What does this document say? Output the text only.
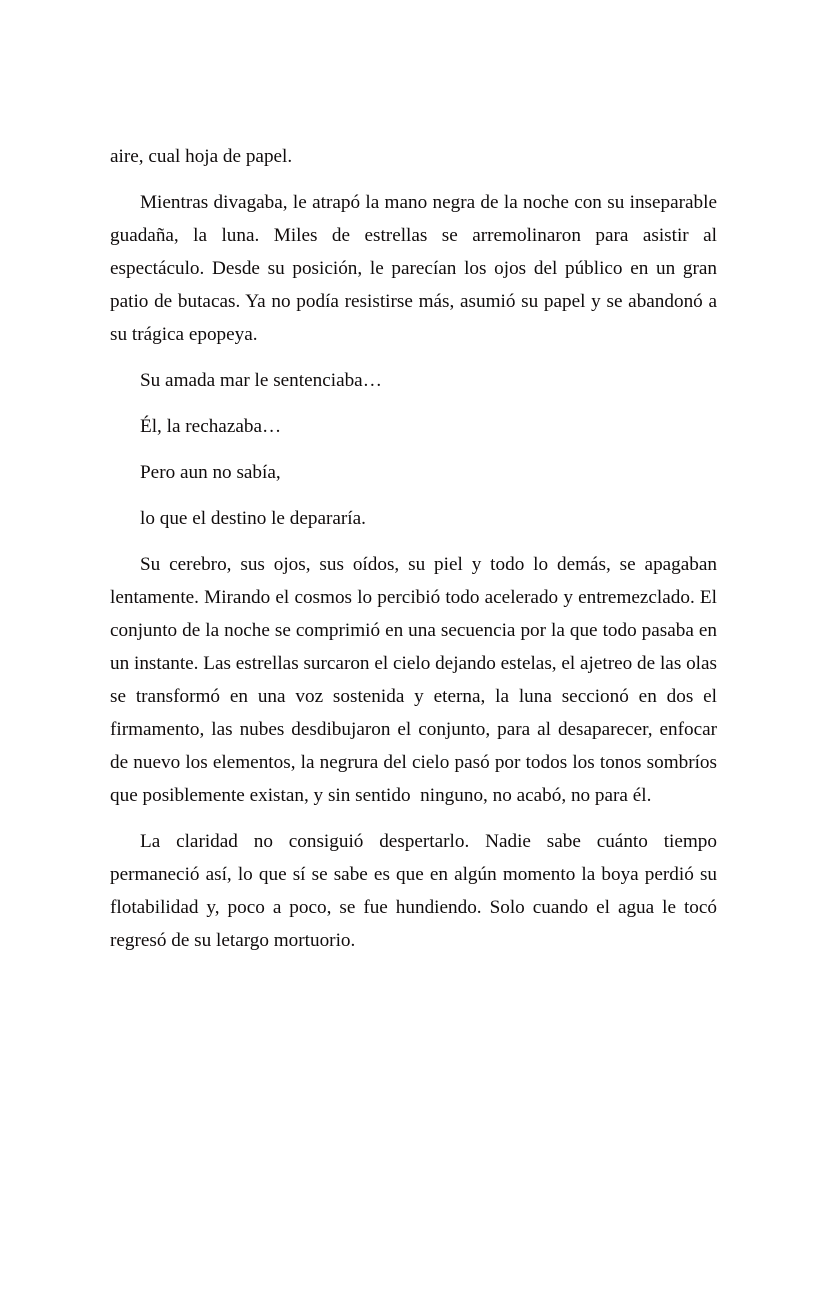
aire, cual hoja de papel.

Mientras divagaba, le atrapó la mano negra de la noche con su inseparable guadaña, la luna. Miles de estrellas se arremolinaron para asistir al espectáculo. Desde su posición, le parecían los ojos del público en un gran patio de butacas. Ya no podía resistirse más, asumió su papel y se abandonó a su trágica epopeya.

Su amada mar le sentenciaba…

Él, la rechazaba…

Pero aun no sabía,

lo que el destino le depararía.

Su cerebro, sus ojos, sus oídos, su piel y todo lo demás, se apagaban lentamente. Mirando el cosmos lo percibió todo acelerado y entremezclado. El conjunto de la noche se comprimió en una secuencia por la que todo pasaba en un instante. Las estrellas surcaron el cielo dejando estelas, el ajetreo de las olas se transformó en una voz sostenida y eterna, la luna seccionó en dos el firmamento, las nubes desdibujaron el conjunto, para al desaparecer, enfocar de nuevo los elementos, la negrura del cielo pasó por todos los tonos sombríos que posiblemente existan, y sin sentido  ninguno, no acabó, no para él.

La claridad no consiguió despertarlo. Nadie sabe cuánto tiempo permaneció así, lo que sí se sabe es que en algún momento la boya perdió su flotabilidad y, poco a poco, se fue hundiendo. Solo cuando el agua le tocó regresó de su letargo mortuorio.
